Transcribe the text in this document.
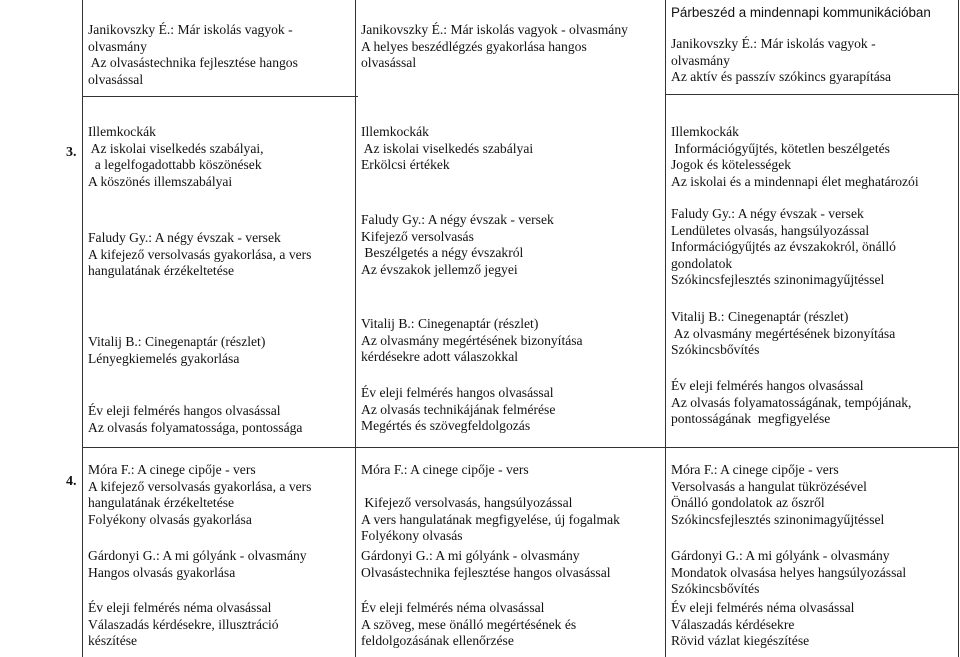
Janikovszky É.: Már iskolás vagyok -
olvasmány
Az olvasástechnika fejlesztése hangos
olvasással
Janikovszky É.: Már iskolás vagyok - olvasmány
A helyes beszédlégzés gyakorlása hangos
olvasással
Párbeszéd a mindennapi kommunikációban
Janikovszky É.: Már iskolás vagyok -
olvasmány
Az aktív és passzív szókincs gyarapítása
3.
Illemkockák
Az iskolai viselkedés szabályai,
a legelfogadottabb köszönések
A köszönés illemszabályai
Faludy Gy.: A négy évszak - versek
A kifejező versolvasás gyakorlása, a vers
hangulatának érzékeltetése
Vitalij B.: Cinegenaptár (részlet)
Lényegkiemelés gyakorlása
Év eleji felmérés hangos olvasással
Az olvasás folyamatossága, pontossága
Illemkockák
Az iskolai viselkedés szabályai
Erkölcsi értékek
Faludy Gy.: A négy évszak - versek
Kifejező versolvasás
Beszélgetés a négy évszakról
Az évszakok jellemző jegyei
Vitalij B.: Cinegenaptár (részlet)
Az olvasmány megértésének bizonyítása
kérdésekre adott válaszokkal
Év eleji felmérés hangos olvasással
Az olvasás technikájának felmérése
Megértés és szövegfeldolgozás
Illemkockák
Információgyűjtés, kötetlen beszélgetés
Jogok és kötelességek
Az iskolai és a mindennapi élet meghatározói
Faludy Gy.: A négy évszak - versek
Lendületes olvasás, hangsúlyozással
Információgyűjtés az évszakokról, önálló
gondolatok
Szókincsfejlesztés szinonimagyűjtéssel
Vitalij B.: Cinegenaptár (részlet)
Az olvasmány megértésének bizonyítása
Szókincsbővítés
Év eleji felmérés hangos olvasással
Az olvasás folyamatosságának, tempójának,
pontosságának  megfigyelése
4.
Móra F.: A cinege cipője - vers
A kifejező versolvasás gyakorlása, a vers
hangulatának érzékeltetése
Folyékony olvasás gyakorlása
Gárdonyi G.: A mi gólyánk - olvasmány
Hangos olvasás gyakorlása
Év eleji felmérés néma olvasással
Válaszadás kérdésekre, illusztráció
készítése
Móra F.: A cinege cipője - vers
Kifejező versolvasás, hangsúlyozással
A vers hangulatának megfigyelése, új fogalmak
Folyékony olvasás
Gárdonyi G.: A mi gólyánk - olvasmány
Olvasástechnika fejlesztése hangos olvasással
Év eleji felmérés néma olvasással
A szöveg, mese önálló megértésének és
feldolgozásának ellenőrzése
Móra F.: A cinege cipője - vers
Versolvasás a hangulat tükrözésével
Önálló gondolatok az őszről
Szókincsfejlesztés szinonimagyűjtéssel
Gárdonyi G.: A mi gólyánk - olvasmány
Mondatok olvasása helyes hangsúlyozással
Szókincsbővítés
Év eleji felmérés néma olvasással
Válaszadás kérdésekre
Rövid vázlat kiegészítése
